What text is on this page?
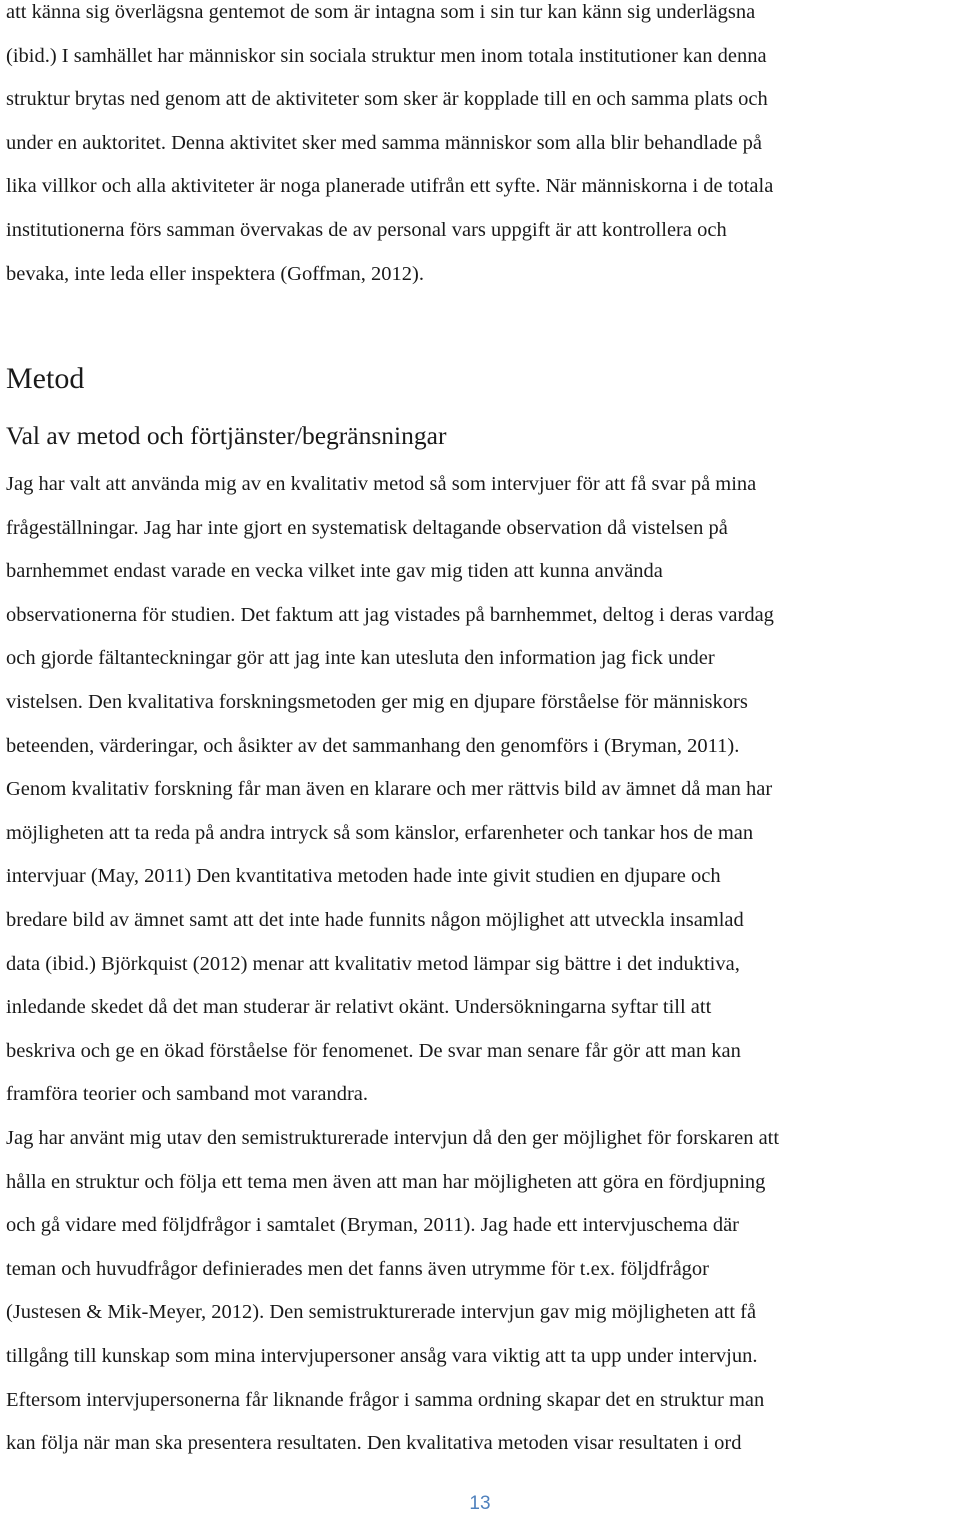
att känna sig överlägsna gentemot de som är intagna som i sin tur kan känn sig underlägsna
(ibid.) I samhället har människor sin sociala struktur men inom totala institutioner kan denna
struktur brytas ned genom att de aktiviteter som sker är kopplade till en och samma plats och
under en auktoritet. Denna aktivitet sker med samma människor som alla blir behandlade på
lika villkor och alla aktiviteter är noga planerade utifrån ett syfte. När människorna i de totala
institutionerna förs samman övervakas de av personal vars uppgift är att kontrollera och
bevaka, inte leda eller inspektera (Goffman, 2012).
Metod
Val av metod och förtjänster/begränsningar
Jag har valt att använda mig av en kvalitativ metod så som intervjuer för att få svar på mina
frågeställningar. Jag har inte gjort en systematisk deltagande observation då vistelsen på
barnhemmet endast varade en vecka vilket inte gav mig tiden att kunna använda
observationerna för studien. Det faktum att jag vistades på barnhemmet, deltog i deras vardag
och gjorde fältanteckningar gör att jag inte kan utesluta den information jag fick under
vistelsen. Den kvalitativa forskningsmetoden ger mig en djupare förståelse för människors
beteenden, värderingar, och åsikter av det sammanhang den genomförs i (Bryman, 2011).
Genom kvalitativ forskning får man även en klarare och mer rättvis bild av ämnet då man har
möjligheten att ta reda på andra intryck så som känslor, erfarenheter och tankar hos de man
intervjuar (May, 2011) Den kvantitativa metoden hade inte givit studien en djupare och
bredare bild av ämnet samt att det inte hade funnits någon möjlighet att utveckla insamlad
data (ibid.) Björkquist (2012) menar att kvalitativ metod lämpar sig bättre i det induktiva,
inledande skedet då det man studerar är relativt okänt. Undersökningarna syftar till att
beskriva och ge en ökad förståelse för fenomenet. De svar man senare får gör att man kan
framföra teorier och samband mot varandra.
Jag har använt mig utav den semistrukturerade intervjun då den ger möjlighet för forskaren att
hålla en struktur och följa ett tema men även att man har möjligheten att göra en fördjupning
och gå vidare med följdfrågor i samtalet (Bryman, 2011). Jag hade ett intervjuschema där
teman och huvudfrågor definierades men det fanns även utrymme för t.ex. följdfrågor
(Justesen & Mik-Meyer, 2012). Den semistrukturerade intervjun gav mig möjligheten att få
tillgång till kunskap som mina intervjupersoner ansåg vara viktig att ta upp under intervjun.
Eftersom intervjupersonerna får liknande frågor i samma ordning skapar det en struktur man
kan följa när man ska presentera resultaten. Den kvalitativa metoden visar resultaten i ord
13
